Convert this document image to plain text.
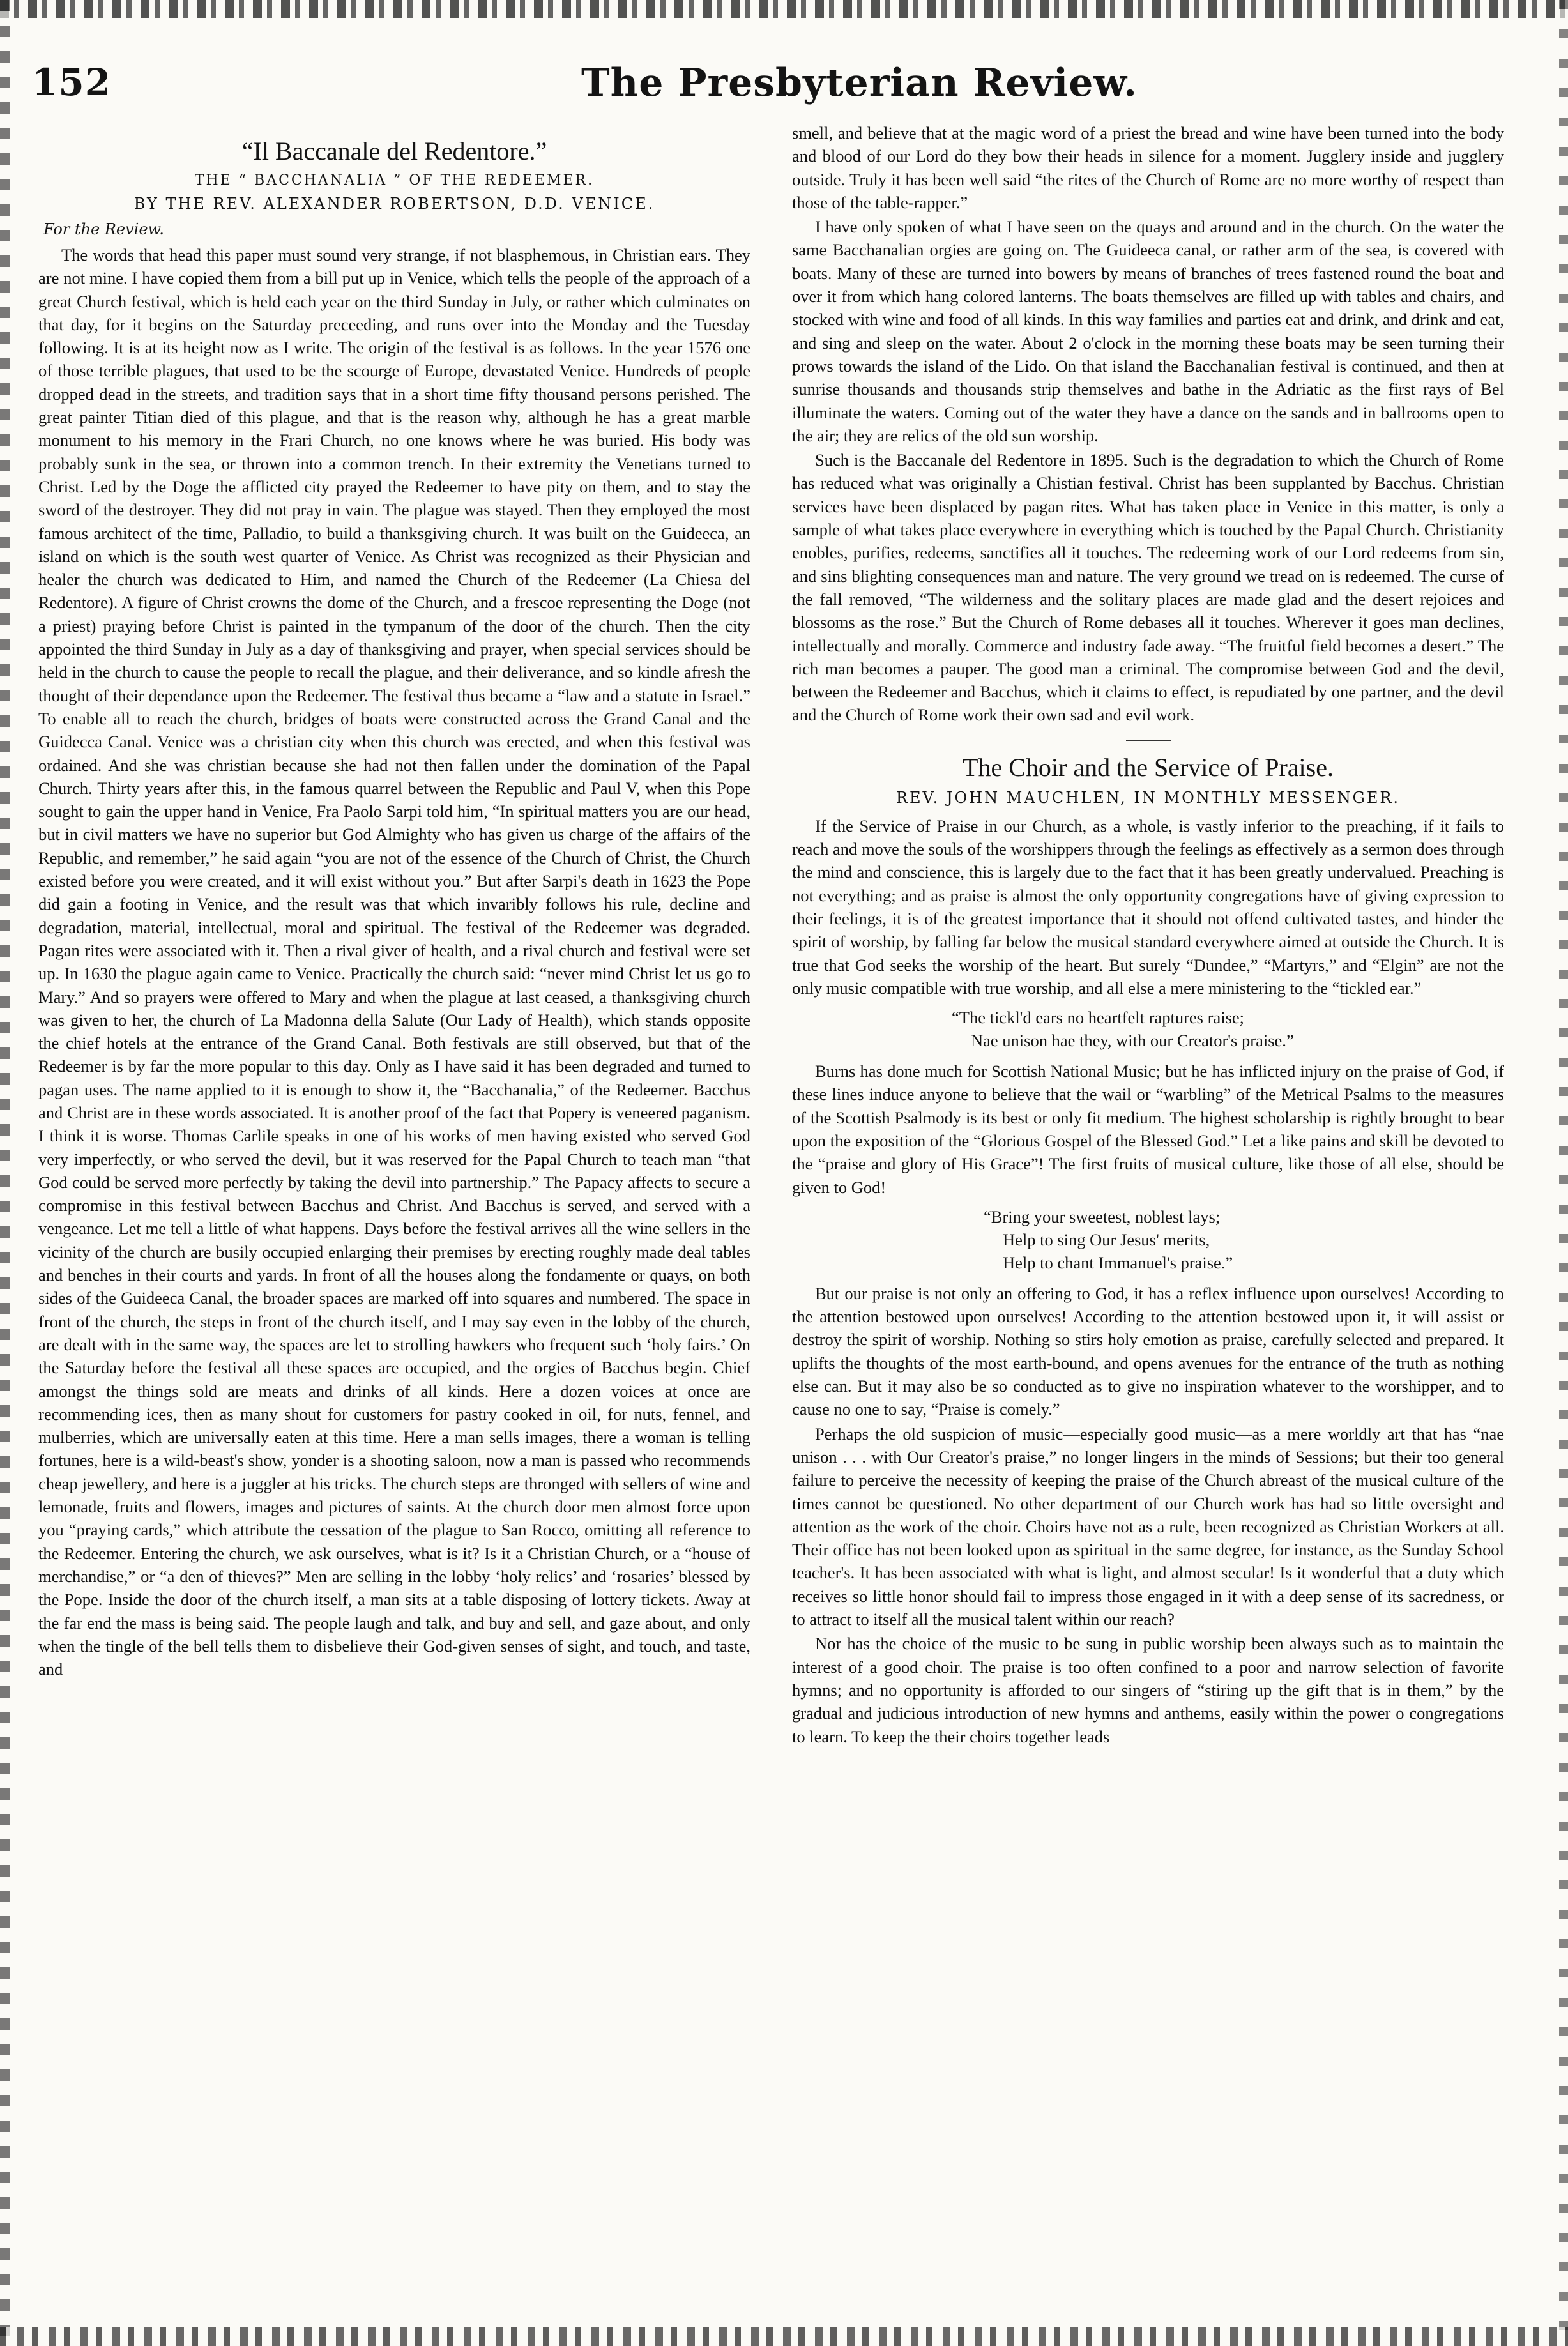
152	The Presbyterian Review.
“Il Baccanale del Redentore.”
THE “ BACCHANALIA ” OF THE REDEEMER.
BY THE REV. ALEXANDER ROBERTSON, D.D. VENICE.
For the Review.

The words that head this paper must sound very strange, if not blasphemous, in Christian ears. They are not mine. I have copied them from a bill put up in Venice, which tells the people of the approach of a great Church festival, which is held each year on the third Sunday in July, or rather which culminates on that day, for it begins on the Saturday preceeding, and runs over into the Monday and the Tuesday following. It is at its height now as I write. The origin of the festival is as follows. In the year 1576 one of those terrible plagues, that used to be the scourge of Europe, devastated Venice. Hundreds of people dropped dead in the streets, and tradition says that in a short time fifty thousand persons perished. The great painter Titian died of this plague, and that is the reason why, although he has a great marble monument to his memory in the Frari Church, no one knows where he was buried. His body was probably sunk in the sea, or thrown into a common trench. In their extremity the Venetians turned to Christ. Led by the Doge the afflicted city prayed the Redeemer to have pity on them, and to stay the sword of the destroyer. They did not pray in vain. The plague was stayed. Then they employed the most famous architect of the time, Palladio, to build a thanksgiving church. It was built on the Guideeca, an island on which is the south west quarter of Venice. As Christ was recognized as their Physician and healer the church was dedicated to Him, and named the Church of the Redeemer (La Chiesa del Redentore). A figure of Christ crowns the dome of the Church, and a frescoe representing the Doge (not a priest) praying before Christ is painted in the tympanum of the door of the church. Then the city appointed the third Sunday in July as a day of thanksgiving and prayer, when special services should be held in the church to cause the people to recall the plague, and their deliverance, and so kindle afresh the thought of their dependance upon the Redeemer. The festival thus became a “law and a statute in Israel.” To enable all to reach the church, bridges of boats were constructed across the Grand Canal and the Guidecca Canal. Venice was a christian city when this church was erected, and when this festival was ordained. And she was christian because she had not then fallen under the domination of the Papal Church. Thirty years after this, in the famous quarrel between the Republic and Paul V, when this Pope sought to gain the upper hand in Venice, Fra Paolo Sarpi told him, “In spiritual matters you are our head, but in civil matters we have no superior but God Almighty who has given us charge of the affairs of the Republic, and remember,” he said again “you are not of the essence of the Church of Christ, the Church existed before you were created, and it will exist without you.” But after Sarpi's death in 1623 the Pope did gain a footing in Venice, and the result was that which invaribly follows his rule, decline and degradation, material, intellectual, moral and spiritual. The festival of the Redeemer was degraded. Pagan rites were associated with it. Then a rival giver of health, and a rival church and festival were set up. In 1630 the plague again came to Venice. Practically the church said: “never mind Christ let us go to Mary.” And so prayers were offered to Mary and when the plague at last ceased, a thanksgiving church was given to her, the church of La Madonna della Salute (Our Lady of Health), which stands opposite the chief hotels at the entrance of the Grand Canal. Both festivals are still observed, but that of the Redeemer is by far the more popular to this day. Only as I have said it has been degraded and turned to pagan uses. The name applied to it is enough to show it, the “Bacchanalia,” of the Redeemer. Bacchus and Christ are in these words associated. It is another proof of the fact that Popery is veneered paganism. I think it is worse. Thomas Carlile speaks in one of his works of men having existed who served God very imperfectly, or who served the devil, but it was reserved for the Papal Church to teach man “that God could be served more perfectly by taking the devil into partnership.” The Papacy affects to secure a compromise in this festival between Bacchus and Christ. And Bacchus is served, and served with a vengeance. Let me tell a little of what happens. Days before the festival arrives all the wine sellers in the vicinity of the church are busily occupied enlarging their premises by erecting roughly made deal tables and benches in their courts and yards. In front of all the houses along the fondamente or quays, on both sides of the Guideeca Canal, the broader spaces are marked off into squares and numbered. The space in front of the church, the steps in front of the church itself, and I may say even in the lobby of the church, are dealt with in the same way, the spaces are let to strolling hawkers who frequent such ‘holy fairs.’ On the Saturday before the festival all these spaces are occupied, and the orgies of Bacchus begin. Chief amongst the things sold are meats and drinks of all kinds. Here a dozen voices at once are recommending ices, then as many shout for customers for pastry cooked in oil, for nuts, fennel, and mulberries, which are universally eaten at this time. Here a man sells images, there a woman is telling fortunes, here is a wild-beast's show, yonder is a shooting saloon, now a man is passed who recommends cheap jewellery, and here is a juggler at his tricks. The church steps are thronged with sellers of wine and lemonade, fruits and flowers, images and pictures of saints. At the church door men almost force upon you “praying cards,” which attribute the cessation of the plague to San Rocco, omitting all reference to the Redeemer. Entering the church, we ask ourselves, what is it? Is it a Christian Church, or a “house of merchandise,” or “a den of thieves?” Men are selling in the lobby ‘holy relics’ and ‘rosaries’ blessed by the Pope. Inside the door of the church itself, a man sits at a table disposing of lottery tickets. Away at the far end the mass is being said. The people laugh and talk, and buy and sell, and gaze about, and only when the tingle of the bell tells them to disbelieve their God-given senses of sight, and touch, and taste, and

smell, and believe that at the magic word of a priest the bread and wine have been turned into the body and blood of our Lord do they bow their heads in silence for a moment. Jugglery inside and jugglery outside. Truly it has been well said “the rites of the Church of Rome are no more worthy of respect than those of the table-rapper.”

I have only spoken of what I have seen on the quays and around and in the church. On the water the same Bacchanalian orgies are going on. The Guideeca canal, or rather arm of the sea, is covered with boats. Many of these are turned into bowers by means of branches of trees fastened round the boat and over it from which hang colored lanterns. The boats themselves are filled up with tables and chairs, and stocked with wine and food of all kinds. In this way families and parties eat and drink, and drink and eat, and sing and sleep on the water. About 2 o'clock in the morning these boats may be seen turning their prows towards the island of the Lido. On that island the Bacchanalian festival is continued, and then at sunrise thousands and thousands strip themselves and bathe in the Adriatic as the first rays of Bel illuminate the waters. Coming out of the water they have a dance on the sands and in ballrooms open to the air; they are relics of the old sun worship.

Such is the Baccanale del Redentore in 1895. Such is the degradation to which the Church of Rome has reduced what was originally a Chistian festival. Christ has been supplanted by Bacchus. Christian services have been displaced by pagan rites. What has taken place in Venice in this matter, is only a sample of what takes place everywhere in everything which is touched by the Papal Church. Christianity enobles, purifies, redeems, sanctifies all it touches. The redeeming work of our Lord redeems from sin, and sins blighting consequences man and nature. The very ground we tread on is redeemed. The curse of the fall removed, “The wilderness and the solitary places are made glad and the desert rejoices and blossoms as the rose.” But the Church of Rome debases all it touches. Wherever it goes man declines, intellectually and morally. Commerce and industry fade away. “The fruitful field becomes a desert.” The rich man becomes a pauper. The good man a criminal. The compromise between God and the devil, between the Redeemer and Bacchus, which it claims to effect, is repudiated by one partner, and the devil and the Church of Rome work their own sad and evil work.

The Choir and the Service of Praise.
REV. JOHN MAUCHLEN, IN MONTHLY MESSENGER.

If the Service of Praise in our Church, as a whole, is vastly inferior to the preaching, if it fails to reach and move the souls of the worshippers through the feelings as effectively as a sermon does through the mind and conscience, this is largely due to the fact that it has been greatly undervalued. Preaching is not everything; and as praise is almost the only opportunity congregations have of giving expression to their feelings, it is of the greatest importance that it should not offend cultivated tastes, and hinder the spirit of worship, by falling far below the musical standard everywhere aimed at outside the Church. It is true that God seeks the worship of the heart. But surely “Dundee,” “Martyrs,” and “Elgin” are not the only music compatible with true worship, and all else a mere ministering to the “tickled ear.”

“The tickl'd ears no heartfelt raptures raise;
Nae unison hae they, with our Creator's praise.”

Burns has done much for Scottish National Music; but he has inflicted injury on the praise of God, if these lines induce anyone to believe that the wail or “warbling” of the Metrical Psalms to the measures of the Scottish Psalmody is its best or only fit medium. The highest scholarship is rightly brought to bear upon the exposition of the “Glorious Gospel of the Blessed God.” Let a like pains and skill be devoted to the “praise and glory of His Grace”! The first fruits of musical culture, like those of all else, should be given to God!

“Bring your sweetest, noblest lays;
Help to sing Our Jesus' merits,
Help to chant Immanuel's praise.”

But our praise is not only an offering to God, it has a reflex influence upon ourselves! According to the attention bestowed upon ourselves! According to the attention bestowed upon it, it will assist or destroy the spirit of worship. Nothing so stirs holy emotion as praise, carefully selected and prepared. It uplifts the thoughts of the most earth-bound, and opens avenues for the entrance of the truth as nothing else can. But it may also be so conducted as to give no inspiration whatever to the worshipper, and to cause no one to say, “Praise is comely.”

Perhaps the old suspicion of music—especially good music—as a mere worldly art that has “nae unison . . . with Our Creator's praise,” no longer lingers in the minds of Sessions; but their too general failure to perceive the necessity of keeping the praise of the Church abreast of the musical culture of the times cannot be questioned. No other department of our Church work has had so little oversight and attention as the work of the choir. Choirs have not as a rule, been recognized as Christian Workers at all. Their office has not been looked upon as spiritual in the same degree, for instance, as the Sunday School teacher's. It has been associated with what is light, and almost secular! Is it wonderful that a duty which receives so little honor should fail to impress those engaged in it with a deep sense of its sacredness, or to attract to itself all the musical talent within our reach?

Nor has the choice of the music to be sung in public worship been always such as to maintain the interest of a good choir. The praise is too often confined to a poor and narrow selection of favorite hymns; and no opportunity is afforded to our singers of “stiring up the gift that is in them,” by the gradual and judicious introduction of new hymns and anthems, easily within the power o congregations to learn. To keep the their choirs together leads
